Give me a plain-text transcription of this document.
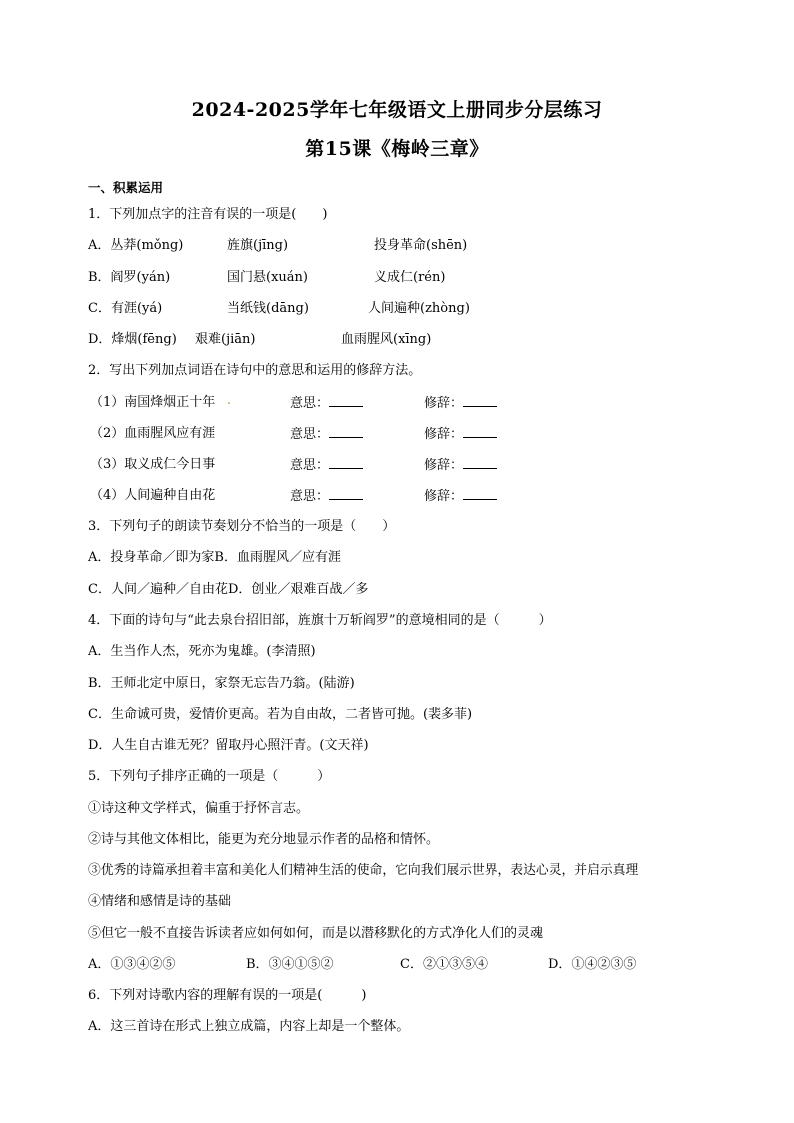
2024-2025学年七年级语文上册同步分层练习
第15课《梅岭三章》
一、积累运用
1．下列加点字的注音有误的一项是(　　)
A．丛莽(mǒng)	旌旗(jīng)	投身革命(shēn)
B．阎罗(yán)	国门悬(xuán)	义成仁(rén)
C．有涯(yá)	当纸钱(dāng)	人间遍种(zhòng)
D．烽烟(fēng) 艰难(jiān)	血雨腥风(xīng)
2．写出下列加点词语在诗句中的意思和运用的修辞方法。
（1）南国烽烟正十年	意思：	修辞：
（2）血雨腥风应有涯	意思：	修辞：
（3）取义成仁今日事	意思：	修辞：
（4）人间遍种自由花	意思：	修辞：
3．下列句子的朗读节奏划分不恰当的一项是（　　）
A．投身革命／即为家B．血雨腥风／应有涯
C．人间／遍种／自由花D．创业／艰难百战／多
4．下面的诗句与“此去泉台招旧部，旌旗十万斩阎罗”的意境相同的是（　　　）
A．生当作人杰，死亦为鬼雄。(李清照)
B．王师北定中原日，家祭无忘告乃翁。(陆游)
C．生命诚可贵，爱情价更高。若为自由故，二者皆可抛。(裴多菲)
D．人生自古谁无死？留取丹心照汗青。(文天祥)
5．下列句子排序正确的一项是（　　　）
①诗这种文学样式，偏重于抒怀言志。
②诗与其他文体相比，能更为充分地显示作者的品格和情怀。
③优秀的诗篇承担着丰富和美化人们精神生活的使命，它向我们展示世界，表达心灵，并启示真理
④情绪和感情是诗的基础
⑤但它一般不直接告诉读者应如何如何，而是以潜移默化的方式净化人们的灵魂
A．①③④②⑤	B．③④①⑤②	C．②①③⑤④	D．①④②③⑤
6．下列对诗歌内容的理解有误的一项是(　　　)
A．这三首诗在形式上独立成篇，内容上却是一个整体。
